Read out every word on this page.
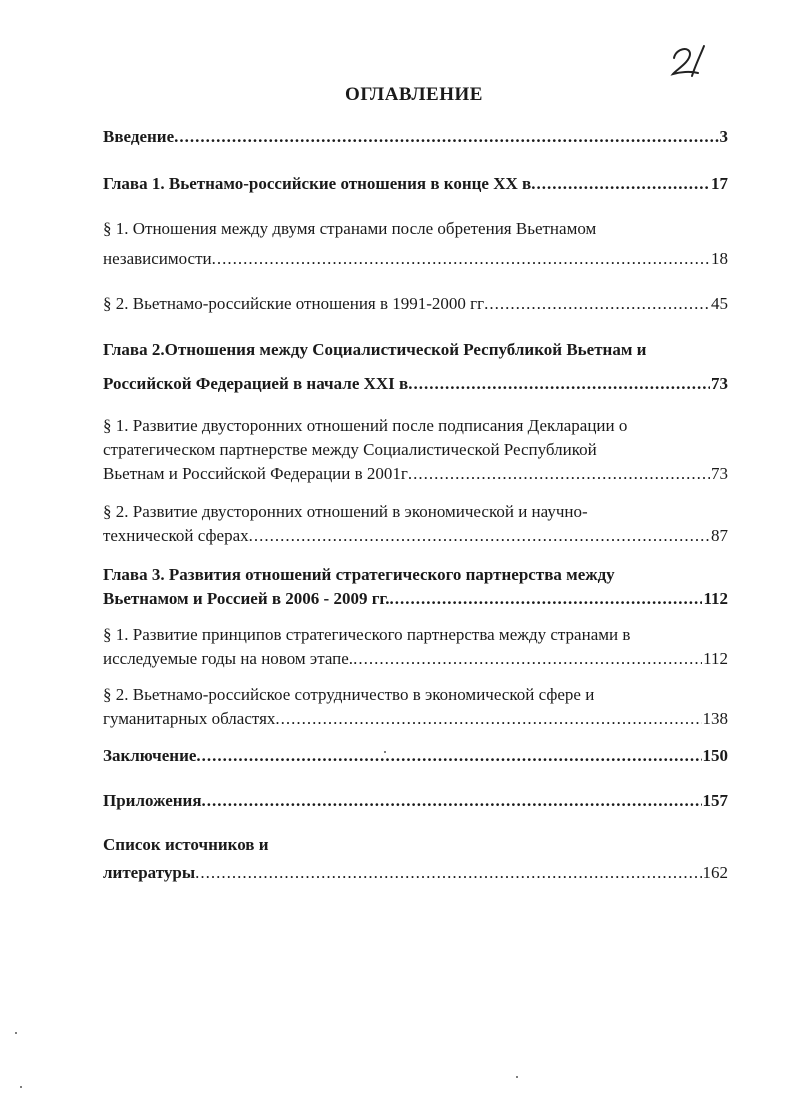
ОГЛАВЛЕНИЕ
Введение .....	3
Глава 1. Вьетнамо-российские отношения в конце XX в .....	17
§ 1. Отношения между двумя странами после обретения Вьетнамом
независимости .....	18
§ 2. Вьетнамо-российские отношения в 1991-2000 гг .....	45
Глава 2.Отношения между Социалистической Республикой Вьетнам и
Российской Федерацией в начале XXI в .....	73
§ 1. Развитие двусторонних отношений после подписания Декларации о
стратегическом партнерстве между Социалистической Республикой
Вьетнам и Российской Федерации в 2001г .....	73
§ 2. Развитие двусторонних отношений в экономической и научно-
технической сферах .....	87
Глава 3. Развития отношений стратегического партнерства между
Вьетнамом и Россией в 2006 - 2009 гг. .....	112
§ 1. Развитие принципов стратегического партнерства между странами в
исследуемые годы на новом этапе. .....	112
§ 2. Вьетнамо-российское сотрудничество в экономической сфере и
гуманитарных областях .....	138
Заключение .....	150
Приложения .....	157
Список источников и
литературы .....	162
